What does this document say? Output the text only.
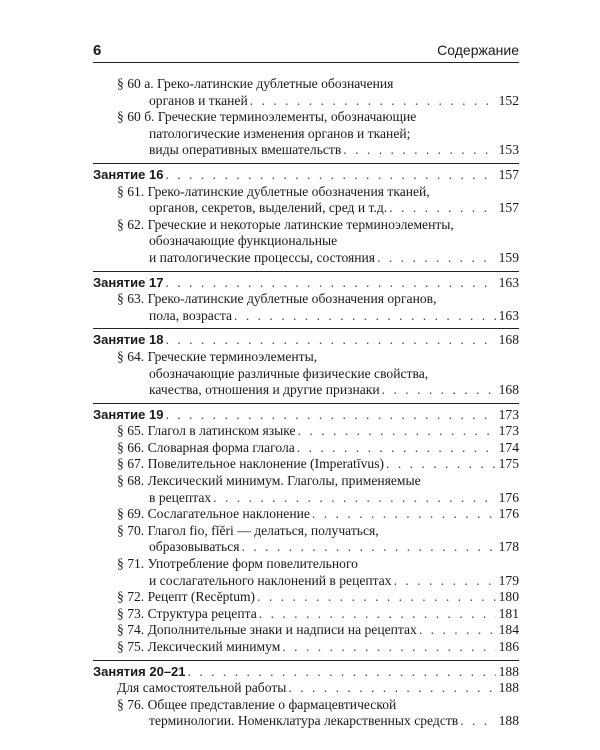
6	Содержание
§ 60 а. Греко-латинские дублетные обозначения
органов и тканей . . .	152
§ 60 б. Греческие терминоэлементы, обозначающие
патологические изменения органов и тканей;
виды оперативных вмешательств . . .	153
Занятие 16 . . .	157
§ 61. Греко-латинские дублетные обозначения тканей,
органов, секретов, выделений, сред и т.д. . . .	157
§ 62. Греческие и некоторые латинские терминоэлементы,
обозначающие функциональные
и патологические процессы, состояния . . .	159
Занятие 17 . . .	163
§ 63. Греко-латинские дублетные обозначения органов,
пола, возраста . . .	163
Занятие 18 . . .	168
§ 64. Греческие терминоэлементы,
обозначающие различные физические свойства,
качества, отношения и другие признаки . . .	168
Занятие 19 . . .	173
§ 65. Глагол в латинском языке . . .	173
§ 66. Словарная форма глагола . . .	174
§ 67. Повелительное наклонение (Imperatīvus) . . .	175
§ 68. Лексический минимум. Глаголы, применяемые
в рецептах . . .	176
§ 69. Сослагательное наклонение . . .	176
§ 70. Глагол fio, fĭĕri — делаться, получаться,
образовываться . . .	178
§ 71. Употребление форм повелительного
и сослагательного наклонений в рецептах . . .	179
§ 72. Рецепт (Recĕptum) . . .	180
§ 73. Структура рецепта . . .	181
§ 74. Дополнительные знаки и надписи на рецептах . . .	184
§ 75. Лексический минимум . . .	186
Занятия 20–21 . . .	188
Для самостоятельной работы . . .	188
§ 76. Общее представление о фармацевтической
терминологии. Номенклатура лекарственных средств . . .	188
